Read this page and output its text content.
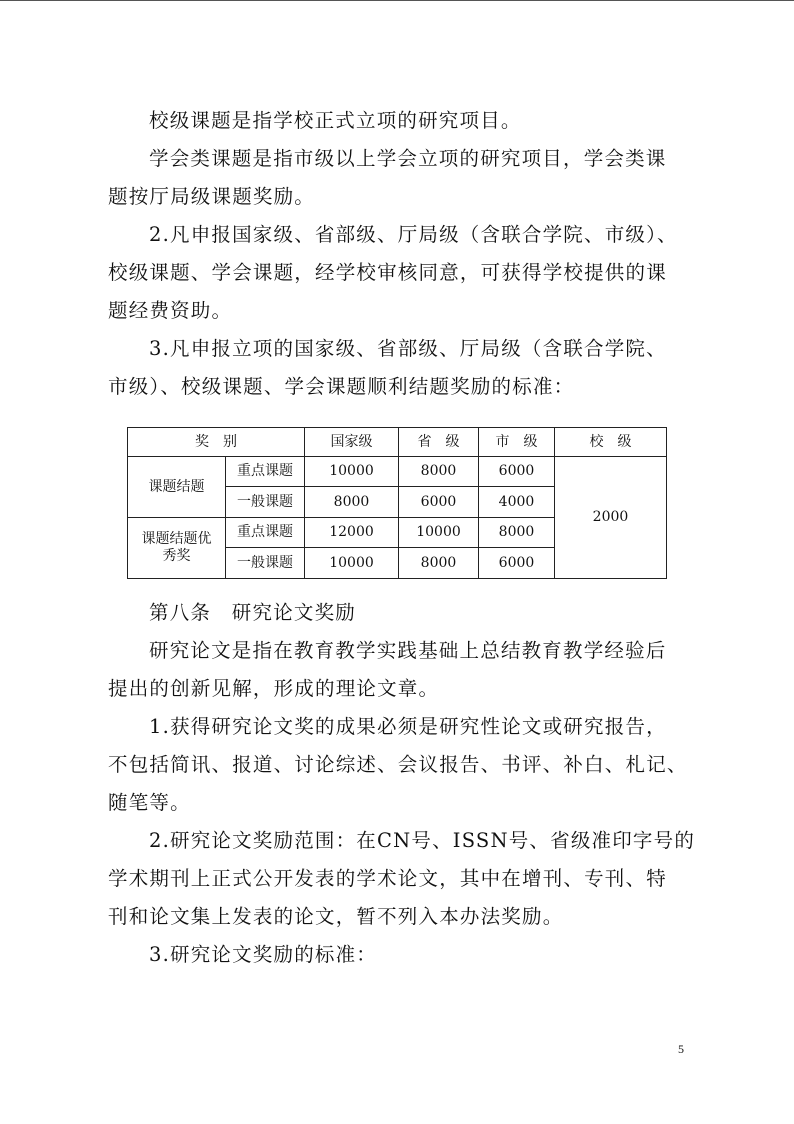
校级课题是指学校正式立项的研究项目。
学会类课题是指市级以上学会立项的研究项目，学会类课
题按厅局级课题奖励。
2.凡申报国家级、省部级、厅局级（含联合学院、市级）、
校级课题、学会课题，经学校审核同意，可获得学校提供的课
题经费资助。
3.凡申报立项的国家级、省部级、厅局级（含联合学院、
市级）、校级课题、学会课题顺利结题奖励的标准：
奖　别		国家级	省　级	市　级	校　级
课题结题	重点课题	10000	8000	6000	2000
	一般课题	8000	6000	4000	
课题结题优秀奖	重点课题	12000	10000	8000	
	一般课题	10000	8000	6000	
第八条　研究论文奖励
研究论文是指在教育教学实践基础上总结教育教学经验后
提出的创新见解，形成的理论文章。
1.获得研究论文奖的成果必须是研究性论文或研究报告，
不包括简讯、报道、讨论综述、会议报告、书评、补白、札记、
随笔等。
2.研究论文奖励范围：在CN号、ISSN号、省级准印字号的
学术期刊上正式公开发表的学术论文，其中在增刊、专刊、特
刊和论文集上发表的论文，暂不列入本办法奖励。
3.研究论文奖励的标准：
5
